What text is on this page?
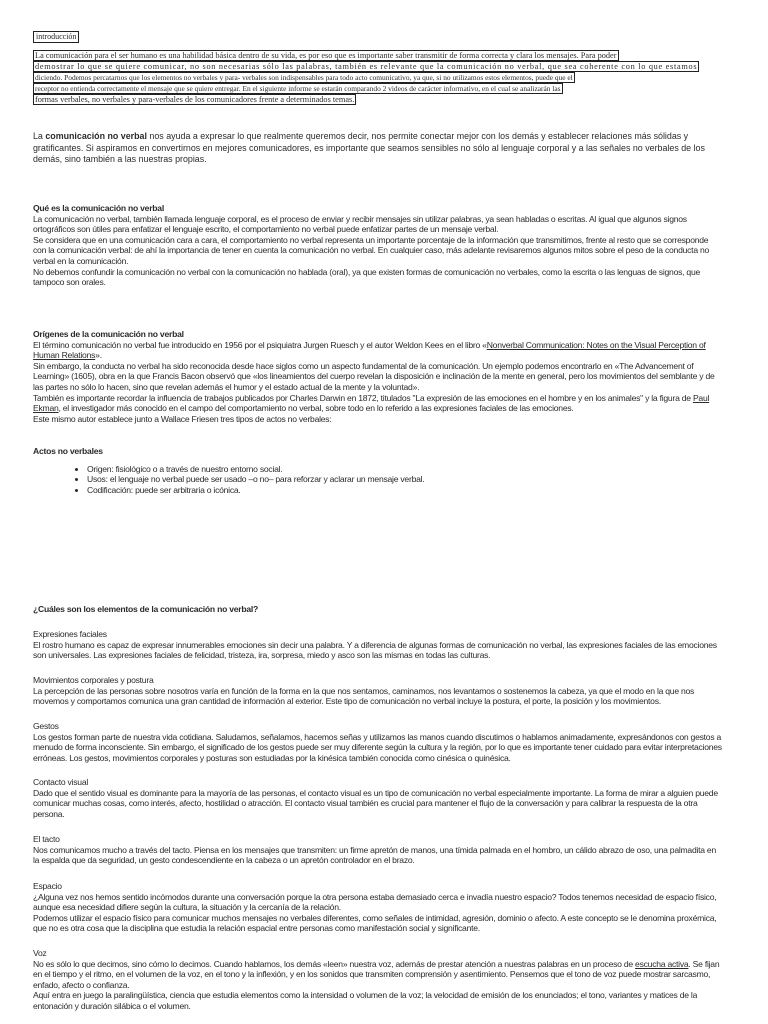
introducción
La comunicación para el ser humano es una habilidad básica dentro de su vida, es por eso que es importante saber transmitir de forma correcta y clara los mensajes. Para poder
demostrar lo que se quiere comunicar, no son necesarias sólo las palabras, también es relevante que la comunicación no verbal, que sea coherente con lo que estamos
diciendo. Podemos percatarnos que los elementos no verbales y para- verbales son indispensables para todo acto comunicativo, ya que, si no utilizamos estos elementos, puede que el
receptor no entienda correctamente el mensaje que se quiere entregar. En el siguiente informe se estarán comparando 2 videos de carácter informativo, en el cual se analizarán las
formas verbales, no verbales y para-verbales de los comunicadores frente a determinados temas.
La comunicación no verbal nos ayuda a expresar lo que realmente queremos decir, nos permite conectar mejor con los demás y establecer relaciones más sólidas y gratificantes. Si aspiramos en convertirnos en mejores comunicadores, es importante que seamos sensibles no sólo al lenguaje corporal y a las señales no verbales de los demás, sino también a las nuestras propias.
Qué es la comunicación no verbal
La comunicación no verbal, también llamada lenguaje corporal, es el proceso de enviar y recibir mensajes sin utilizar palabras, ya sean habladas o escritas. Al igual que algunos signos ortográficos son útiles para enfatizar el lenguaje escrito, el comportamiento no verbal puede enfatizar partes de un mensaje verbal.
Se considera que en una comunicación cara a cara, el comportamiento no verbal representa un importante porcentaje de la información que transmitimos, frente al resto que se corresponde con la comunicación verbal: de ahí la importancia de tener en cuenta la comunicación no verbal. En cualquier caso, más adelante revisaremos algunos mitos sobre el peso de la conducta no verbal en la comunicación.
No debemos confundir la comunicación no verbal con la comunicación no hablada (oral), ya que existen formas de comunicación no verbales, como la escrita o las lenguas de signos, que tampoco son orales.
Orígenes de la comunicación no verbal
El término comunicación no verbal fue introducido en 1956 por el psiquiatra Jurgen Ruesch y el autor Weldon Kees en el libro «Nonverbal Communication: Notes on the Visual Perception of Human Relations».
Sin embargo, la conducta no verbal ha sido reconocida desde hace siglos como un aspecto fundamental de la comunicación. Un ejemplo podemos encontrarlo en «The Advancement of Learning» (1605), obra en la que Francis Bacon observó que «los lineamientos del cuerpo revelan la disposición e inclinación de la mente en general, pero los movimientos del semblante y de las partes no sólo lo hacen, sino que revelan además el humor y el estado actual de la mente y la voluntad».
También es importante recordar la influencia de trabajos publicados por Charles Darwin en 1872, titulados "La expresión de las emociones en el hombre y en los animales" y la figura de Paul Ekman, el investigador más conocido en el campo del comportamiento no verbal, sobre todo en lo referido a las expresiones faciales de las emociones.
Este mismo autor establece junto a Wallace Friesen tres tipos de actos no verbales:
Actos no verbales
• Origen: fisiológico o a través de nuestro entorno social.
• Usos: el lenguaje no verbal puede ser usado –o no– para reforzar y aclarar un mensaje verbal.
• Codificación: puede ser arbitraria o icónica.
¿Cuáles son los elementos de la comunicación no verbal?
Expresiones faciales
El rostro humano es capaz de expresar innumerables emociones sin decir una palabra. Y a diferencia de algunas formas de comunicación no verbal, las expresiones faciales de las emociones son universales. Las expresiones faciales de felicidad, tristeza, ira, sorpresa, miedo y asco son las mismas en todas las culturas.
Movimientos corporales y postura
La percepción de las personas sobre nosotros varía en función de la forma en la que nos sentamos, caminamos, nos levantamos o sostenemos la cabeza, ya que el modo en la que nos movemos y comportamos comunica una gran cantidad de información al exterior. Este tipo de comunicación no verbal incluye la postura, el porte, la posición y los movimientos.
Gestos
Los gestos forman parte de nuestra vida cotidiana. Saludamos, señalamos, hacemos señas y utilizamos las manos cuando discutimos o hablamos animadamente, expresándonos con gestos a menudo de forma inconsciente. Sin embargo, el significado de los gestos puede ser muy diferente según la cultura y la región, por lo que es importante tener cuidado para evitar interpretaciones erróneas. Los gestos, movimientos corporales y posturas son estudiadas por la kinésica también conocida como cinésica o quinésica.
Contacto visual
Dado que el sentido visual es dominante para la mayoría de las personas, el contacto visual es un tipo de comunicación no verbal especialmente importante. La forma de mirar a alguien puede comunicar muchas cosas, como interés, afecto, hostilidad o atracción. El contacto visual también es crucial para mantener el flujo de la conversación y para calibrar la respuesta de la otra persona.
El tacto
Nos comunicamos mucho a través del tacto. Piensa en los mensajes que transmiten: un firme apretón de manos, una tímida palmada en el hombro, un cálido abrazo de oso, una palmadita en la espalda que da seguridad, un gesto condescendiente en la cabeza o un apretón controlador en el brazo.
Espacio
¿Alguna vez nos hemos sentido incómodos durante una conversación porque la otra persona estaba demasiado cerca e invadía nuestro espacio? Todos tenemos necesidad de espacio físico, aunque esa necesidad difiere según la cultura, la situación y la cercanía de la relación.
Podemos utilizar el espacio físico para comunicar muchos mensajes no verbales diferentes, como señales de intimidad, agresión, dominio o afecto. A este concepto se le denomina proxémica, que no es otra cosa que la disciplina que estudia la relación espacial entre personas como manifestación social y significante.
Voz
No es sólo lo que decimos, sino cómo lo decimos. Cuando hablamos, los demás «leen» nuestra voz, además de prestar atención a nuestras palabras en un proceso de escucha activa. Se fijan en el tiempo y el ritmo, en el volumen de la voz, en el tono y la inflexión, y en los sonidos que transmiten comprensión y asentimiento. Pensemos que el tono de voz puede mostrar sarcasmo, enfado, afecto o confianza.
Aquí entra en juego la paralingüística, ciencia que estudia elementos como la intensidad o volumen de la voz; la velocidad de emisión de los enunciados; el tono, variantes y matices de la entonación y duración silábica o el volumen.
